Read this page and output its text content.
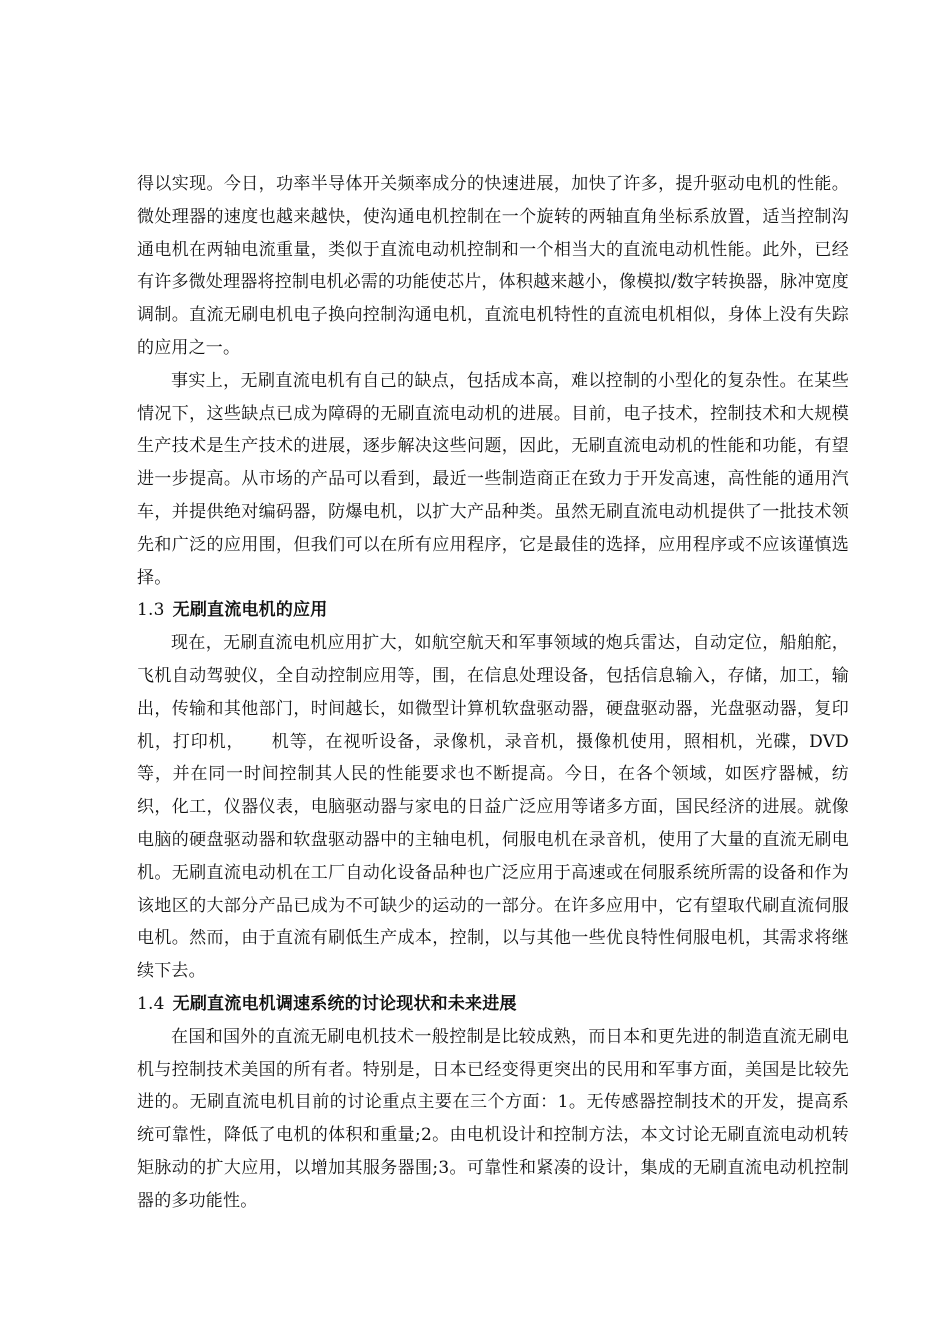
得以实现。今日，功率半导体开关频率成分的快速进展，加快了许多，提升驱动电机的性能。微处理器的速度也越来越快，使沟通电机控制在一个旋转的两轴直角坐标系放置，适当控制沟通电机在两轴电流重量，类似于直流电动机控制和一个相当大的直流电动机性能。此外，已经有许多微处理器将控制电机必需的功能使芯片，体积越来越小，像模拟/数字转换器，脉冲宽度调制。直流无刷电机电子换向控制沟通电机，直流电机特性的直流电机相似，身体上没有失踪的应用之一。

事实上，无刷直流电机有自己的缺点，包括成本高，难以控制的小型化的复杂性。在某些情况下，这些缺点已成为障碍的无刷直流电动机的进展。目前，电子技术，控制技术和大规模生产技术是生产技术的进展，逐步解决这些问题，因此，无刷直流电动机的性能和功能，有望进一步提高。从市场的产品可以看到，最近一些制造商正在致力于开发高速，高性能的通用汽车，并提供绝对编码器，防爆电机，以扩大产品种类。虽然无刷直流电动机提供了一批技术领先和广泛的应用围，但我们可以在所有应用程序，它是最佳的选择，应用程序或不应该谨慎选择。

1.3 无刷直流电机的应用

现在，无刷直流电机应用扩大，如航空航天和军事领域的炮兵雷达，自动定位，船舶舵，飞机自动驾驶仪，全自动控制应用等，围，在信息处理设备，包括信息输入，存储，加工，输出，传输和其他部门，时间越长，如微型计算机软盘驱动器，硬盘驱动器，光盘驱动器，复印机，打印机，　　机等，在视听设备，录像机，录音机，摄像机使用，照相机，光碟，DVD等，并在同一时间控制其人民的性能要求也不断提高。今日，在各个领域，如医疗器械，纺织，化工，仪器仪表，电脑驱动器与家电的日益广泛应用等诸多方面，国民经济的进展。就像电脑的硬盘驱动器和软盘驱动器中的主轴电机，伺服电机在录音机，使用了大量的直流无刷电机。无刷直流电动机在工厂自动化设备品种也广泛应用于高速或在伺服系统所需的设备和作为该地区的大部分产品已成为不可缺少的运动的一部分。在许多应用中，它有望取代刷直流伺服电机。然而，由于直流有刷低生产成本，控制，以与其他一些优良特性伺服电机，其需求将继续下去。

1.4 无刷直流电机调速系统的讨论现状和未来进展

在国和国外的直流无刷电机技术一般控制是比较成熟，而日本和更先进的制造直流无刷电机与控制技术美国的所有者。特别是，日本已经变得更突出的民用和军事方面，美国是比较先进的。无刷直流电机目前的讨论重点主要在三个方面：1。无传感器控制技术的开发，提高系统可靠性，降低了电机的体积和重量;2。由电机设计和控制方法，本文讨论无刷直流电动机转矩脉动的扩大应用，以增加其服务器围;3。可靠性和紧凑的设计，集成的无刷直流电动机控制器的多功能性。
